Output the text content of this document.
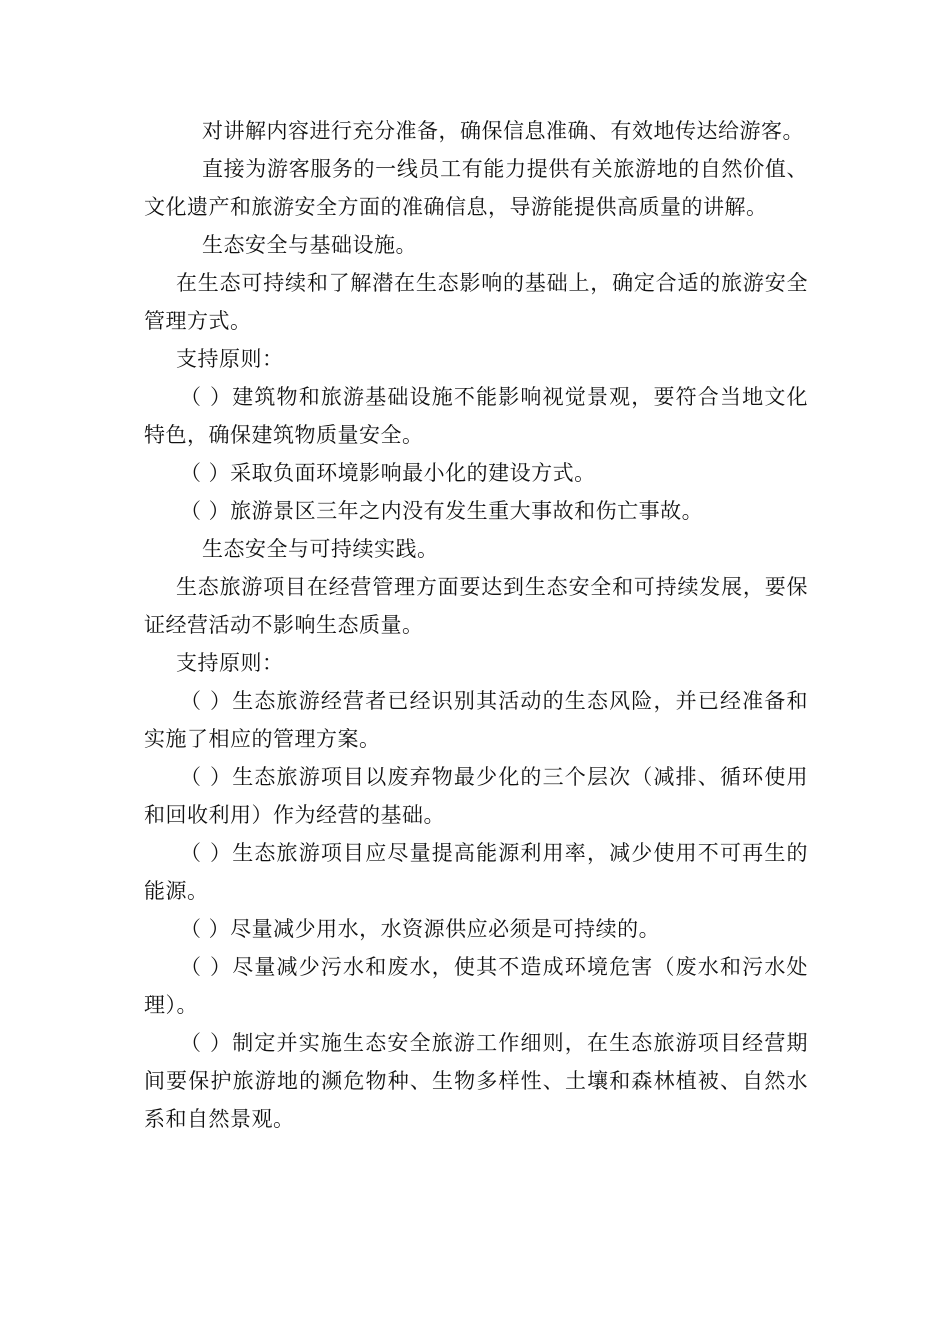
对讲解内容进行充分准备，确保信息准确、有效地传达给游客。

直接为游客服务的一线员工有能力提供有关旅游地的自然价值、文化遗产和旅游安全方面的准确信息，导游能提供高质量的讲解。

生态安全与基础设施。

在生态可持续和了解潜在生态影响的基础上，确定合适的旅游安全管理方式。

支持原则：

（ ）建筑物和旅游基础设施不能影响视觉景观，要符合当地文化特色，确保建筑物质量安全。

（ ）采取负面环境影响最小化的建设方式。

（ ）旅游景区三年之内没有发生重大事故和伤亡事故。

生态安全与可持续实践。

生态旅游项目在经营管理方面要达到生态安全和可持续发展，要保证经营活动不影响生态质量。

支持原则：

（ ）生态旅游经营者已经识别其活动的生态风险，并已经准备和实施了相应的管理方案。

（ ）生态旅游项目以废弃物最少化的三个层次（减排、循环使用和回收利用）作为经营的基础。

（ ）生态旅游项目应尽量提高能源利用率，减少使用不可再生的能源。

（ ）尽量减少用水，水资源供应必须是可持续的。

（ ）尽量减少污水和废水，使其不造成环境危害（废水和污水处理）。

（ ）制定并实施生态安全旅游工作细则，在生态旅游项目经营期间要保护旅游地的濒危物种、生物多样性、土壤和森林植被、自然水系和自然景观。
